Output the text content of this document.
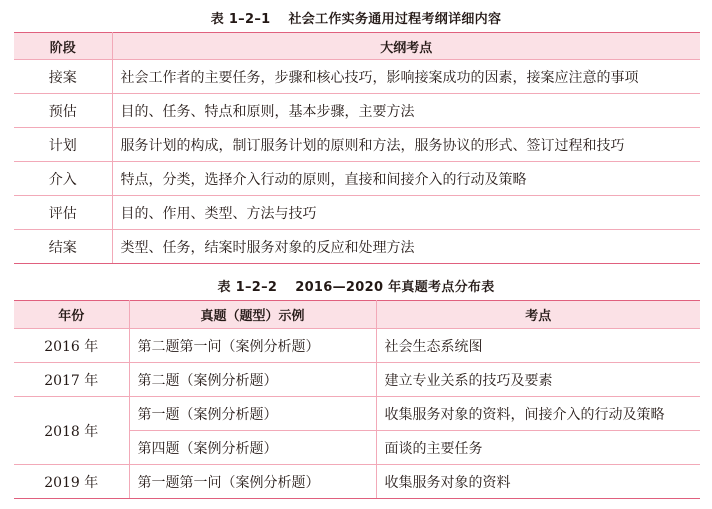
表 1–2–1 社会工作实务通用过程考纲详细内容
阶段	大纲考点
接案	社会工作者的主要任务，步骤和核心技巧，影响接案成功的因素，接案应注意的事项
预估	目的、任务、特点和原则，基本步骤，主要方法
计划	服务计划的构成，制订服务计划的原则和方法，服务协议的形式、签订过程和技巧
介入	特点，分类，选择介入行动的原则，直接和间接介入的行动及策略
评估	目的、作用、类型、方法与技巧
结案	类型、任务，结案时服务对象的反应和处理方法
表 1–2–2 2016—2020 年真题考点分布表
年份	真题（题型）示例	考点
2016 年	第二题第一问（案例分析题）	社会生态系统图
2017 年	第二题（案例分析题）	建立专业关系的技巧及要素
2018 年	第一题（案例分析题）	收集服务对象的资料，间接介入的行动及策略
	第四题（案例分析题）	面谈的主要任务
2019 年	第一题第一问（案例分析题）	收集服务对象的资料
